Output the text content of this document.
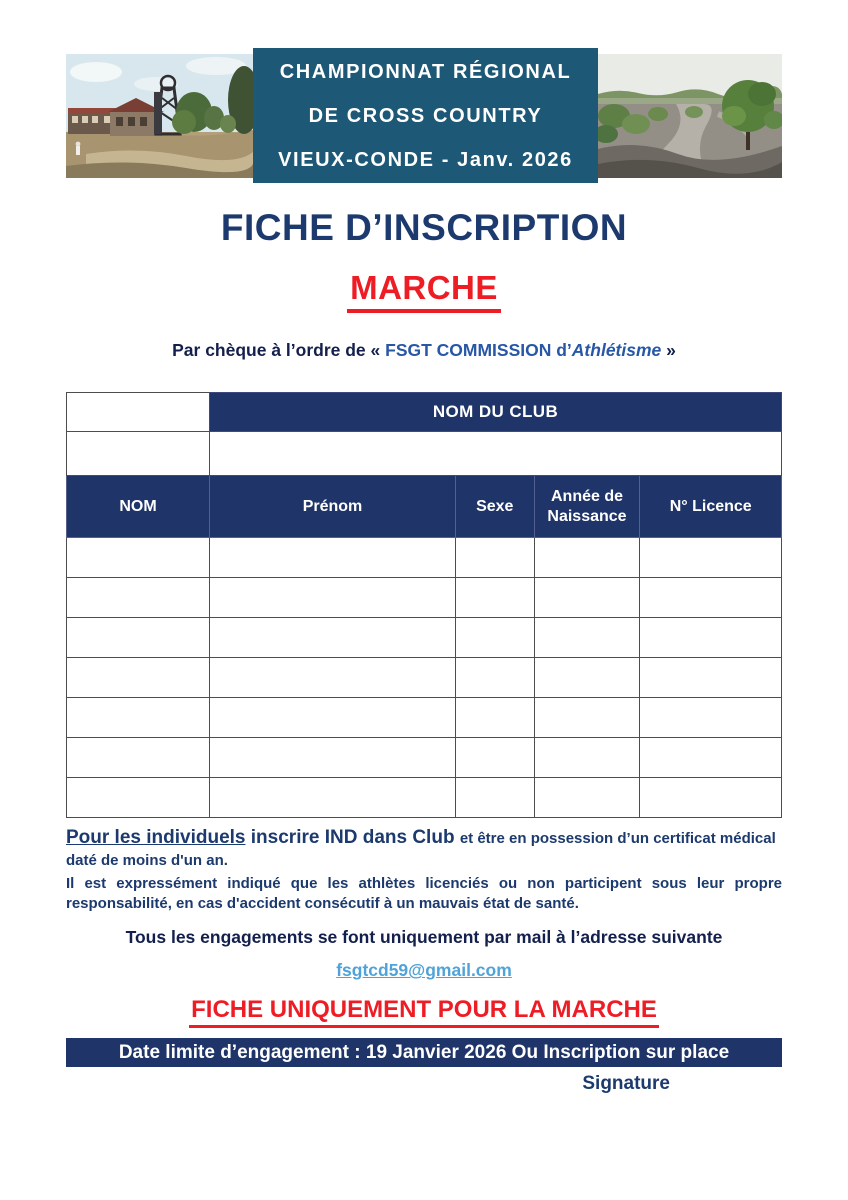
CHAMPIONNAT RÉGIONAL
DE CROSS COUNTRY
VIEUX-CONDE - Janv. 2026
FICHE D’INSCRIPTION
MARCHE

Par chèque à l’ordre de « FSGT COMMISSION d’Athlétisme »

	NOM DU CLUB			

NOM	Prénom	Sexe	Année de Naissance	N° Licence

Pour les individuels inscrire IND dans Club et être en possession d’un certificat médical daté de moins d'un an.

Il est expressément indiqué que les athlètes licenciés ou non participent sous leur propre responsabilité, en cas d'accident consécutif à un mauvais état de santé.

Tous les engagements se font uniquement par mail à l’adresse suivante

fsgtcd59@gmail.com
FICHE UNIQUEMENT POUR LA MARCHE
Date limite d’engagement : 19 Janvier 2026 Ou Inscription sur place
Signature
